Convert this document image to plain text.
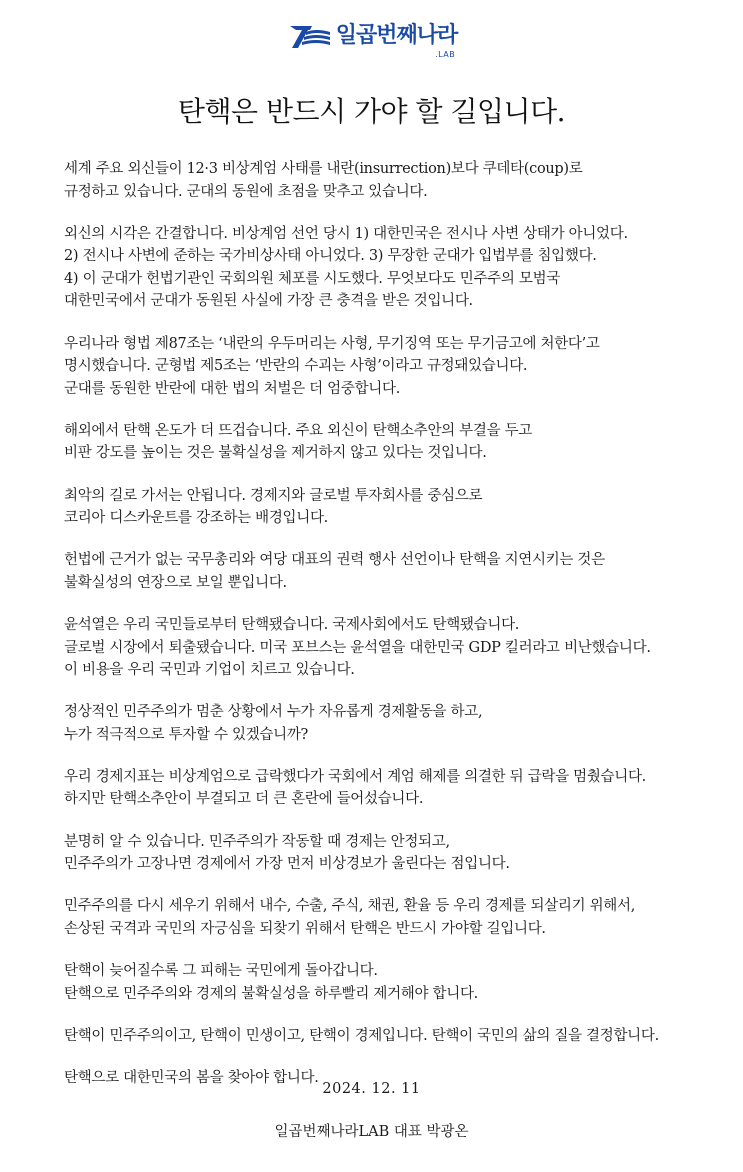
일곱번째나라
.LAB
탄핵은 반드시 가야 할 길입니다.

세계 주요 외신들이 12·3 비상계엄 사태를 내란(insurrection)보다 쿠데타(coup)로
규정하고 있습니다. 군대의 동원에 초점을 맞추고 있습니다.

외신의 시각은 간결합니다. 비상계엄 선언 당시 1) 대한민국은 전시나 사변 상태가 아니었다.
2) 전시나 사변에 준하는 국가비상사태 아니었다. 3) 무장한 군대가 입법부를 침입했다.
4) 이 군대가 헌법기관인 국회의원 체포를 시도했다. 무엇보다도 민주주의 모범국
대한민국에서 군대가 동원된 사실에 가장 큰 충격을 받은 것입니다.

우리나라 형법 제87조는 ‘내란의 우두머리는 사형, 무기징역 또는 무기금고에 처한다’고
명시했습니다. 군형법 제5조는 ‘반란의 수괴는 사형’이라고 규정돼있습니다.
군대를 동원한 반란에 대한 법의 처벌은 더 엄중합니다.

해외에서 탄핵 온도가 더 뜨겁습니다. 주요 외신이 탄핵소추안의 부결을 두고
비판 강도를 높이는 것은 불확실성을 제거하지 않고 있다는 것입니다.

최악의 길로 가서는 안됩니다. 경제지와 글로벌 투자회사를 중심으로
코리아 디스카운트를 강조하는 배경입니다.

헌법에 근거가 없는 국무총리와 여당 대표의 권력 행사 선언이나 탄핵을 지연시키는 것은
불확실성의 연장으로 보일 뿐입니다.

윤석열은 우리 국민들로부터 탄핵됐습니다. 국제사회에서도 탄핵됐습니다.
글로벌 시장에서 퇴출됐습니다. 미국 포브스는 윤석열을 대한민국 GDP 킬러라고 비난했습니다.
이 비용을 우리 국민과 기업이 치르고 있습니다.

정상적인 민주주의가 멈춘 상황에서 누가 자유롭게 경제활동을 하고,
누가 적극적으로 투자할 수 있겠습니까?

우리 경제지표는 비상계엄으로 급락했다가 국회에서 계엄 해제를 의결한 뒤 급락을 멈췄습니다.
하지만 탄핵소추안이 부결되고 더 큰 혼란에 들어섰습니다.

분명히 알 수 있습니다. 민주주의가 작동할 때 경제는 안정되고,
민주주의가 고장나면 경제에서 가장 먼저 비상경보가 울린다는 점입니다.

민주주의를 다시 세우기 위해서 내수, 수출, 주식, 채권, 환율 등 우리 경제를 되살리기 위해서,
손상된 국격과 국민의 자긍심을 되찾기 위해서 탄핵은 반드시 가야할 길입니다.

탄핵이 늦어질수록 그 피해는 국민에게 돌아갑니다.
탄핵으로 민주주의와 경제의 불확실성을 하루빨리 제거해야 합니다.

탄핵이 민주주의이고, 탄핵이 민생이고, 탄핵이 경제입니다. 탄핵이 국민의 삶의 질을 결정합니다.

탄핵으로 대한민국의 봄을 찾아야 합니다.

2024. 12. 11
일곱번째나라LAB 대표 박광온
